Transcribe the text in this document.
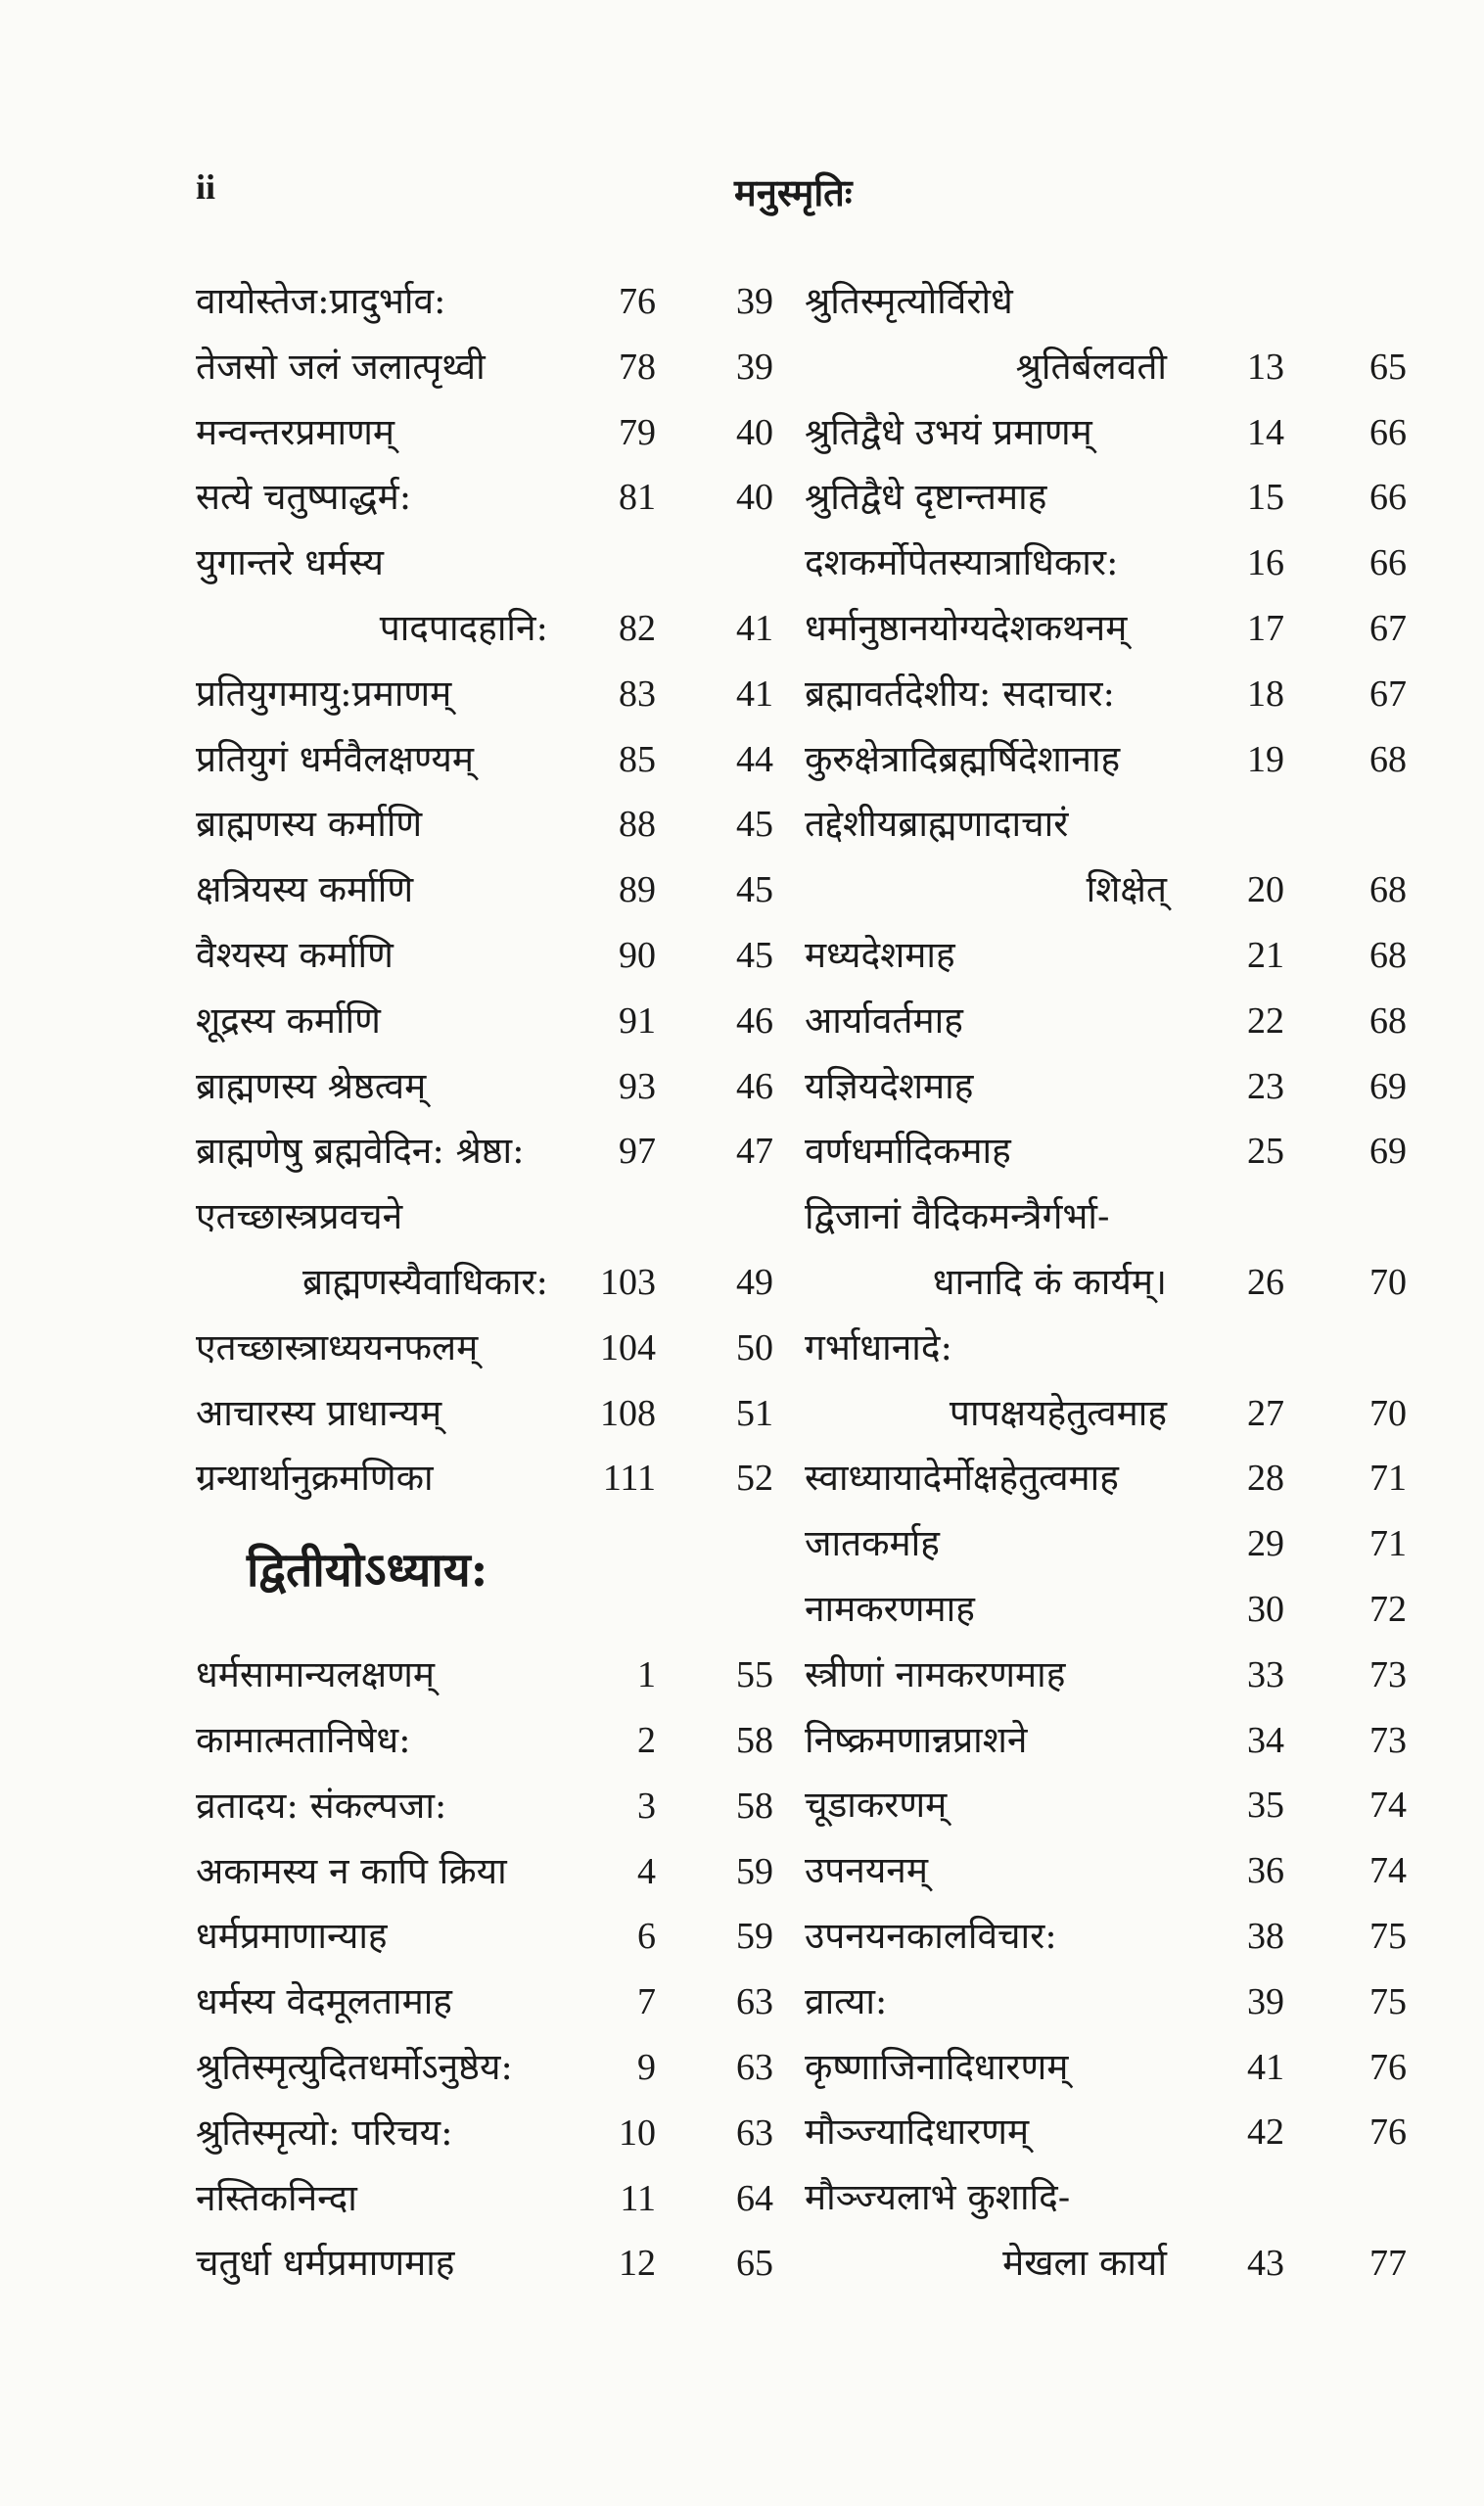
ii	मनुस्मृतिः
वायोस्तेज:प्रादुर्भाव:	76	39
तेजसो जलं जलात्पृथ्वी	78	39
मन्वन्तरप्रमाणम्	79	40
सत्ये चतुष्पाद्धर्म:	81	40
युगान्तरे धर्मस्य
पादपादहानि:	82	41
प्रतियुगमायु:प्रमाणम्	83	41
प्रतियुगं धर्मवैलक्षण्यम्	85	44
ब्राह्मणस्य कर्माणि	88	45
क्षत्रियस्य कर्माणि	89	45
वैश्यस्य कर्माणि	90	45
शूद्रस्य कर्माणि	91	46
ब्राह्मणस्य श्रेष्ठत्वम्	93	46
ब्राह्मणेषु ब्रह्मवेदिन: श्रेष्ठा:	97	47
एतच्छास्त्रप्रवचने
ब्राह्मणस्यैवाधिकार:	103	49
एतच्छास्त्राध्ययनफलम्	104	50
आचारस्य प्राधान्यम्	108	51
ग्रन्थार्थानुक्रमणिका	111	52
द्वितीयोऽध्याय:
धर्मसामान्यलक्षणम्	1	55
कामात्मतानिषेध:	2	58
व्रतादय: संकल्पजा:	3	58
अकामस्य न कापि क्रिया	4	59
धर्मप्रमाणान्याह	6	59
धर्मस्य वेदमूलतामाह	7	63
श्रुतिस्मृत्युदितधर्मोऽनुष्ठेय:	9	63
श्रुतिस्मृत्यो: परिचय:	10	63
नस्तिकनिन्दा	11	64
चतुर्धा धर्मप्रमाणमाह	12	65
श्रुतिस्मृत्योर्विरोधे
श्रुतिर्बलवती	13	65
श्रुतिद्वैधे उभयं प्रमाणम्	14	66
श्रुतिद्वैधे दृष्टान्तमाह	15	66
दशकर्मोपेतस्यात्राधिकार:	16	66
धर्मानुष्ठानयोग्यदेशकथनम्	17	67
ब्रह्मावर्तदेशीय: सदाचार:	18	67
कुरुक्षेत्रादिब्रह्मर्षिदेशानाह	19	68
तद्देशीयब्राह्मणादाचारं
शिक्षेत्	20	68
मध्यदेशमाह	21	68
आर्यावर्तमाह	22	68
यज्ञियदेशमाह	23	69
वर्णधर्मादिकमाह	25	69
द्विजानां वैदिकमन्त्रैर्गर्भा-
धानादि कं कार्यम्।	26	70
गर्भाधानादे:
पापक्षयहेतुत्वमाह	27	70
स्वाध्यायादेर्मोक्षहेतुत्वमाह	28	71
जातकर्माह	29	71
नामकरणमाह	30	72
स्त्रीणां नामकरणमाह	33	73
निष्क्रमणान्नप्राशने	34	73
चूडाकरणम्	35	74
उपनयनम्	36	74
उपनयनकालविचार:	38	75
व्रात्या:	39	75
कृष्णाजिनादिधारणम्	41	76
मौञ्ज्यादिधारणम्	42	76
मौञ्ज्यलाभे कुशादि-
मेखला कार्या	43	77
